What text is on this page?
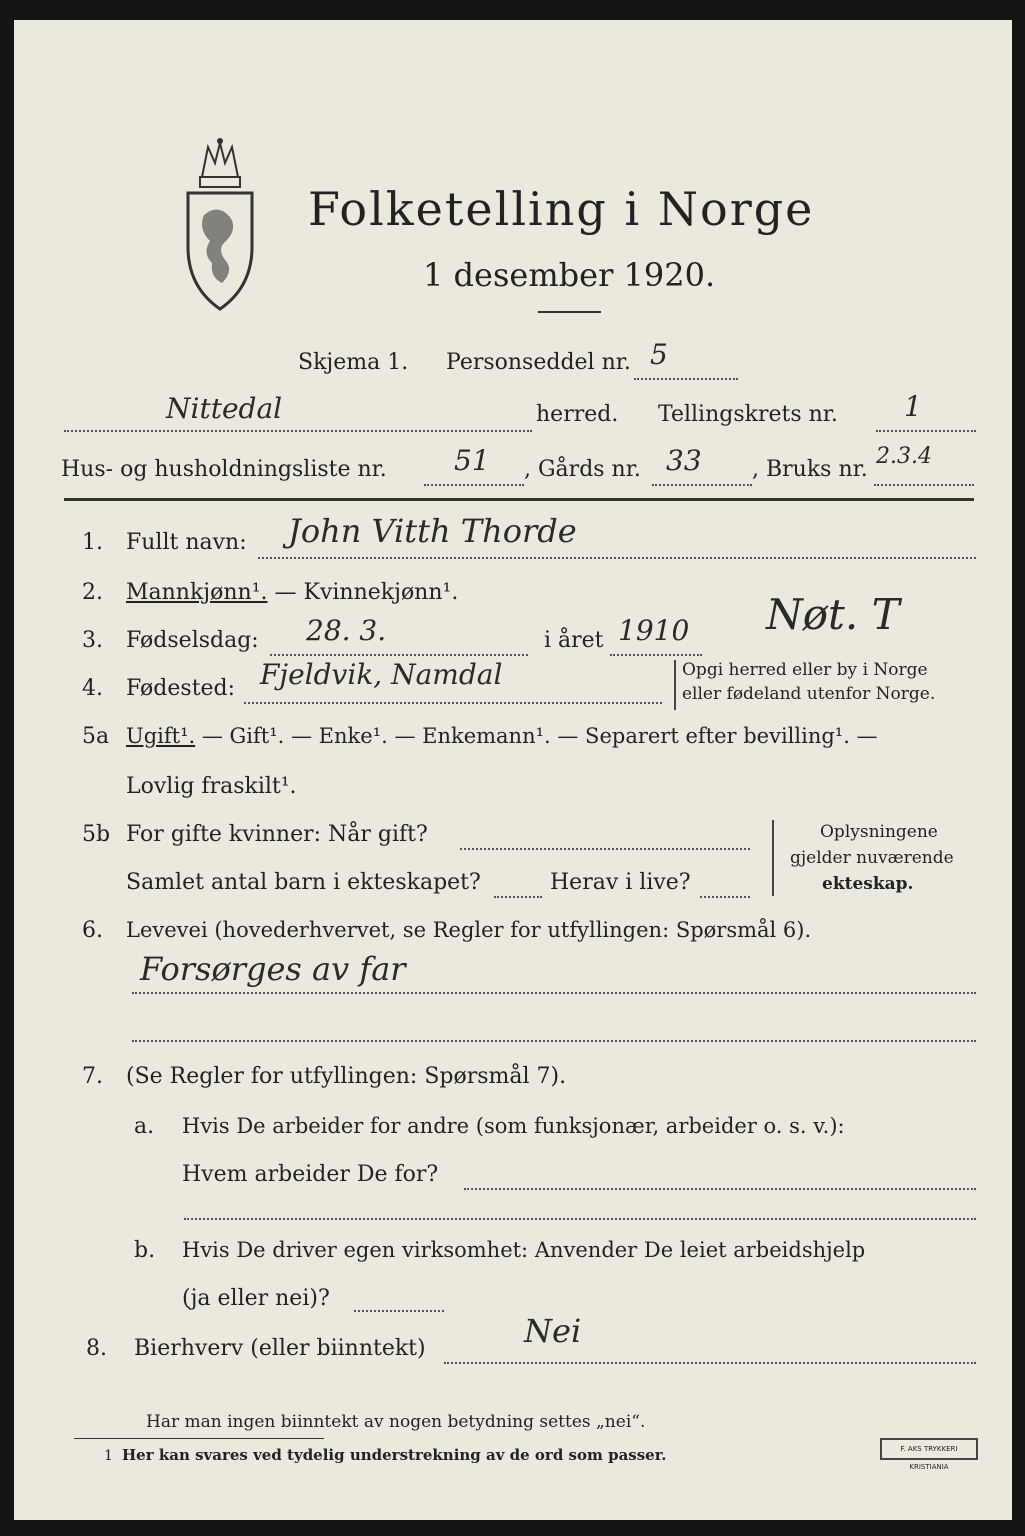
Folketelling i Norge
1 desember 1920.
Skjema 1. Personseddel nr. 5
Nittedal	herred. Tellingskrets nr. 1
Hus- og husholdningsliste nr. 51 , Gårds nr. 33 , Bruks nr.
2.3.4
1. Fullt navn: John Vitth Thorde
2. Mannkjønn¹. — Kvinnekjønn¹.
3. Fødselsdag: 28. 3.	i året 1910 Nøt. T
4. Fødested: Fjeldvik, Namdal	Opgi herred eller by i Norge
eller fødeland utenfor Norge.
5a Ugift¹. — Gift¹. — Enke¹. — Enkemann¹. — Separert efter bevilling¹. —
Lovlig fraskilt¹.
5b For gifte kvinner: Når gift?
Samlet antal barn i ekteskapet?	Herav i live?
Oplysningene
gjelder nuværende
ekteskap.
6. Levevei (hovederhvervet, se Regler for utfyllingen: Spørsmål 6).
Forsørges av far
7. (Se Regler for utfyllingen: Spørsmål 7).
a. Hvis De arbeider for andre (som funksjonær, arbeider o. s. v.):
Hvem arbeider De for?
b. Hvis De driver egen virksomhet: Anvender De leiet arbeidshjelp
(ja eller nei)?
8. Bierhverv (eller biinntekt)	Nei
Har man ingen biinntekt av nogen betydning settes „nei“.
1 Her kan svares ved tydelig understrekning av de ord som passer.	F. AKS TRYKKERI KRISTIANIA
